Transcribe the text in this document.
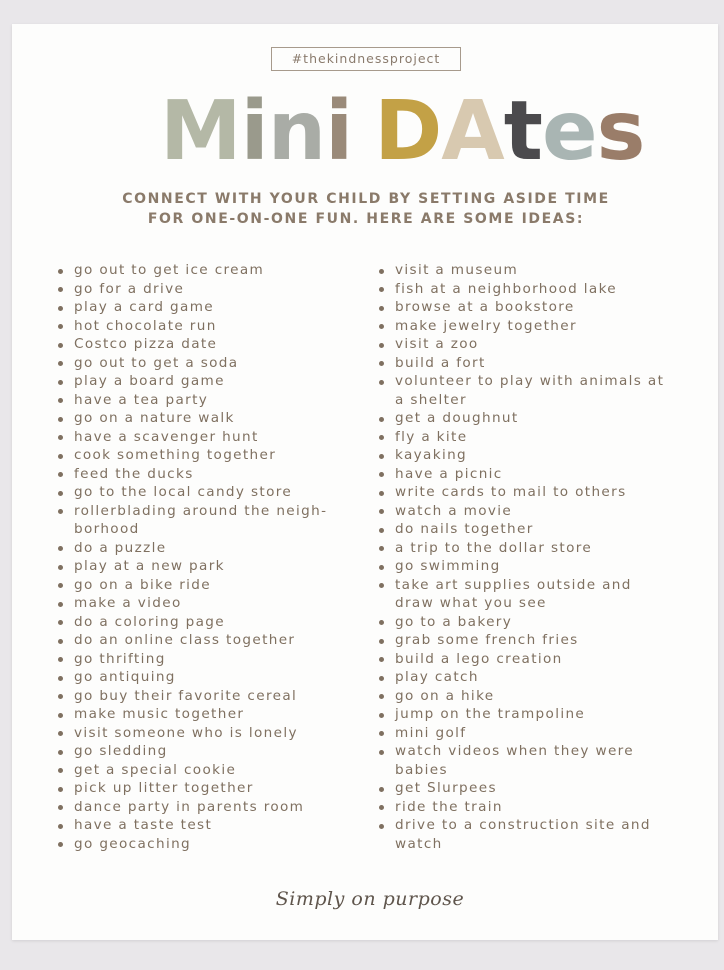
#thekindnessproject
Mini DAtes
CONNECT WITH YOUR CHILD BY SETTING ASIDE TIME
FOR ONE-ON-ONE FUN. HERE ARE SOME IDEAS:
go out to get ice cream
go for a drive
play a card game
hot chocolate run
Costco pizza date
go out to get a soda
play a board game
have a tea party
go on a nature walk
have a scavenger hunt
cook something together
feed the ducks
go to the local candy store
rollerblading around the neigh-
borhood
do a puzzle
play at a new park
go on a bike ride
make a video
do a coloring page
do an online class together
go thrifting
go antiquing
go buy their favorite cereal
make music together
visit someone who is lonely
go sledding
get a special cookie
pick up litter together
dance party in parents room
have a taste test
go geocaching
visit a museum
fish at a neighborhood lake
browse at a bookstore
make jewelry together
visit a zoo
build a fort
volunteer to play with animals at
a shelter
get a doughnut
fly a kite
kayaking
have a picnic
write cards to mail to others
watch a movie
do nails together
a trip to the dollar store
go swimming
take art supplies outside and
draw what you see
go to a bakery
grab some french fries
build a lego creation
play catch
go on a hike
jump on the trampoline
mini golf
watch videos when they were
babies
get Slurpees
ride the train
drive to a construction site and
watch
Simply on purpose
